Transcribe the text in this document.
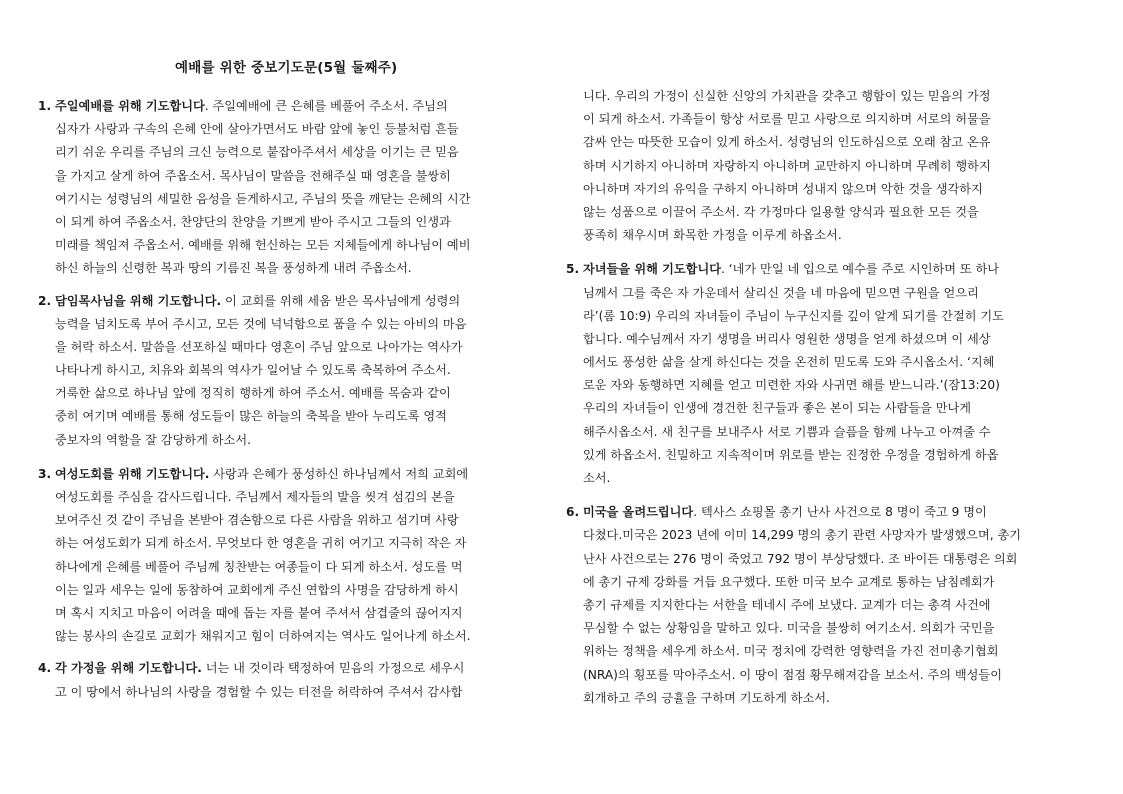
예배를 위한 중보기도문(5월 둘째주)
1. 주일예배를 위해 기도합니다. 주일예배에 큰 은혜를 베풀어 주소서. 주님의
십자가 사랑과 구속의 은혜 안에 살아가면서도 바람 앞에 놓인 등불처럼 흔들
리기 쉬운 우리를 주님의 크신 능력으로 붙잡아주셔서 세상을 이기는 큰 믿음
을 가지고 살게 하여 주옵소서. 목사님이 말씀을 전해주실 때 영혼을 불쌍히
여기시는 성령님의 세밀한 음성을 듣게하시고, 주님의 뜻을 깨닫는 은혜의 시간
이 되게 하여 주옵소서. 찬양단의 찬양을 기쁘게 받아 주시고 그들의 인생과
미래를 책임져 주옵소서. 예배를 위해 헌신하는 모든 지체들에게 하나님이 예비
하신 하늘의 신령한 복과 땅의 기름진 복을 풍성하게 내려 주옵소서.
2. 담임목사님을 위해 기도합니다. 이 교회를 위해 세움 받은 목사님에게 성령의
능력을 넘치도록 부어 주시고, 모든 것에 넉넉함으로 품을 수 있는 아비의 마음
을 허락 하소서. 말씀을 선포하실 때마다 영혼이 주님 앞으로 나아가는 역사가
나타나게 하시고, 치유와 회복의 역사가 일어날 수 있도록 축복하여 주소서.
거룩한 삶으로 하나님 앞에 정직히 행하게 하여 주소서. 예배를 목숨과 같이
중히 여기며 예배를 통해 성도들이 많은 하늘의 축복을 받아 누리도록 영적
중보자의 역할을 잘 감당하게 하소서.
3. 여성도회를 위해 기도합니다. 사랑과 은혜가 풍성하신 하나님께서 저희 교회에
여성도회를 주심을 감사드립니다. 주님께서 제자들의 발을 씻겨 섬김의 본을
보여주신 것 같이 주님을 본받아 겸손함으로 다른 사람을 위하고 섬기며 사랑
하는 여성도회가 되게 하소서. 무엇보다 한 영혼을 귀히 여기고 지극히 작은 자
하나에게 은혜를 베풀어 주님께 칭찬받는 여종들이 다 되게 하소서. 성도를 먹
이는 일과 세우는 일에 동참하여 교회에게 주신 연합의 사명을 감당하게 하시
며 혹시 지치고 마음이 어려울 때에 돕는 자를 붙여 주셔서 삼겹줄의 끊어지지
않는 봉사의 손길로 교회가 채워지고 힘이 더하여지는 역사도 일어나게 하소서.
4. 각 가정을 위해 기도합니다. 너는 내 것이라 택정하여 믿음의 가정으로 세우시
고 이 땅에서 하나님의 사랑을 경험할 수 있는 터전을 허락하여 주셔서 감사합
니다. 우리의 가정이 신실한 신앙의 가치관을 갖추고 행함이 있는 믿음의 가정
이 되게 하소서. 가족들이 항상 서로를 믿고 사랑으로 의지하며 서로의 허물을
감싸 안는 따뜻한 모습이 있게 하소서. 성령님의 인도하심으로 오래 참고 온유
하며 시기하지 아니하며 자랑하지 아니하며 교만하지 아니하며 무례히 행하지
아니하며 자기의 유익을 구하지 아니하며 성내지 않으며 악한 것을 생각하지
않는 성품으로 이끌어 주소서. 각 가정마다 일용할 양식과 필요한 모든 것을
풍족히 채우시며 화목한 가정을 이루게 하옵소서.
5. 자녀들을 위해 기도합니다. ‘네가 만일 네 입으로 예수를 주로 시인하며 또 하나
님께서 그를 죽은 자 가운데서 살리신 것을 네 마음에 믿으면 구원을 얻으리
라’(롬 10:9) 우리의 자녀들이 주님이 누구신지를 깊이 알게 되기를 간절히 기도
합니다. 예수님께서 자기 생명을 버리사 영원한 생명을 얻게 하셨으며 이 세상
에서도 풍성한 삶을 살게 하신다는 것을 온전히 믿도록 도와 주시옵소서. ‘지혜
로운 자와 동행하면 지혜를 얻고 미련한 자와 사귀면 해를 받느니라.’(잠13:20)
우리의 자녀들이 인생에 경건한 친구들과 좋은 본이 되는 사람들을 만나게
해주시옵소서. 새 친구를 보내주사 서로 기쁨과 슬픔을 함께 나누고 아껴줄 수
있게 하옵소서. 친밀하고 지속적이며 위로를 받는 진정한 우정을 경험하게 하옵
소서.
6. 미국을 올려드립니다. 텍사스 쇼핑몰 총기 난사 사건으로 8 명이 죽고 9 명이
다쳤다.미국은 2023 년에 이미 14,299 명의 총기 관련 사망자가 발생했으며, 총기
난사 사건으로는 276 명이 죽었고 792 명이 부상당했다. 조 바이든 대통령은 의회
에 총기 규제 강화를 거듭 요구했다. 또한 미국 보수 교계로 통하는 남침례회가
총기 규제를 지지한다는 서한을 테네시 주에 보냈다. 교계가 더는 총격 사건에
무심할 수 없는 상황임을 말하고 있다. 미국을 불쌍히 여기소서. 의회가 국민을
위하는 정책을 세우게 하소서. 미국 정치에 강력한 영향력을 가진 전미총기협회
(NRA)의 횡포를 막아주소서. 이 땅이 점점 황무해져감을 보소서. 주의 백성들이
회개하고 주의 긍휼을 구하며 기도하게 하소서.
